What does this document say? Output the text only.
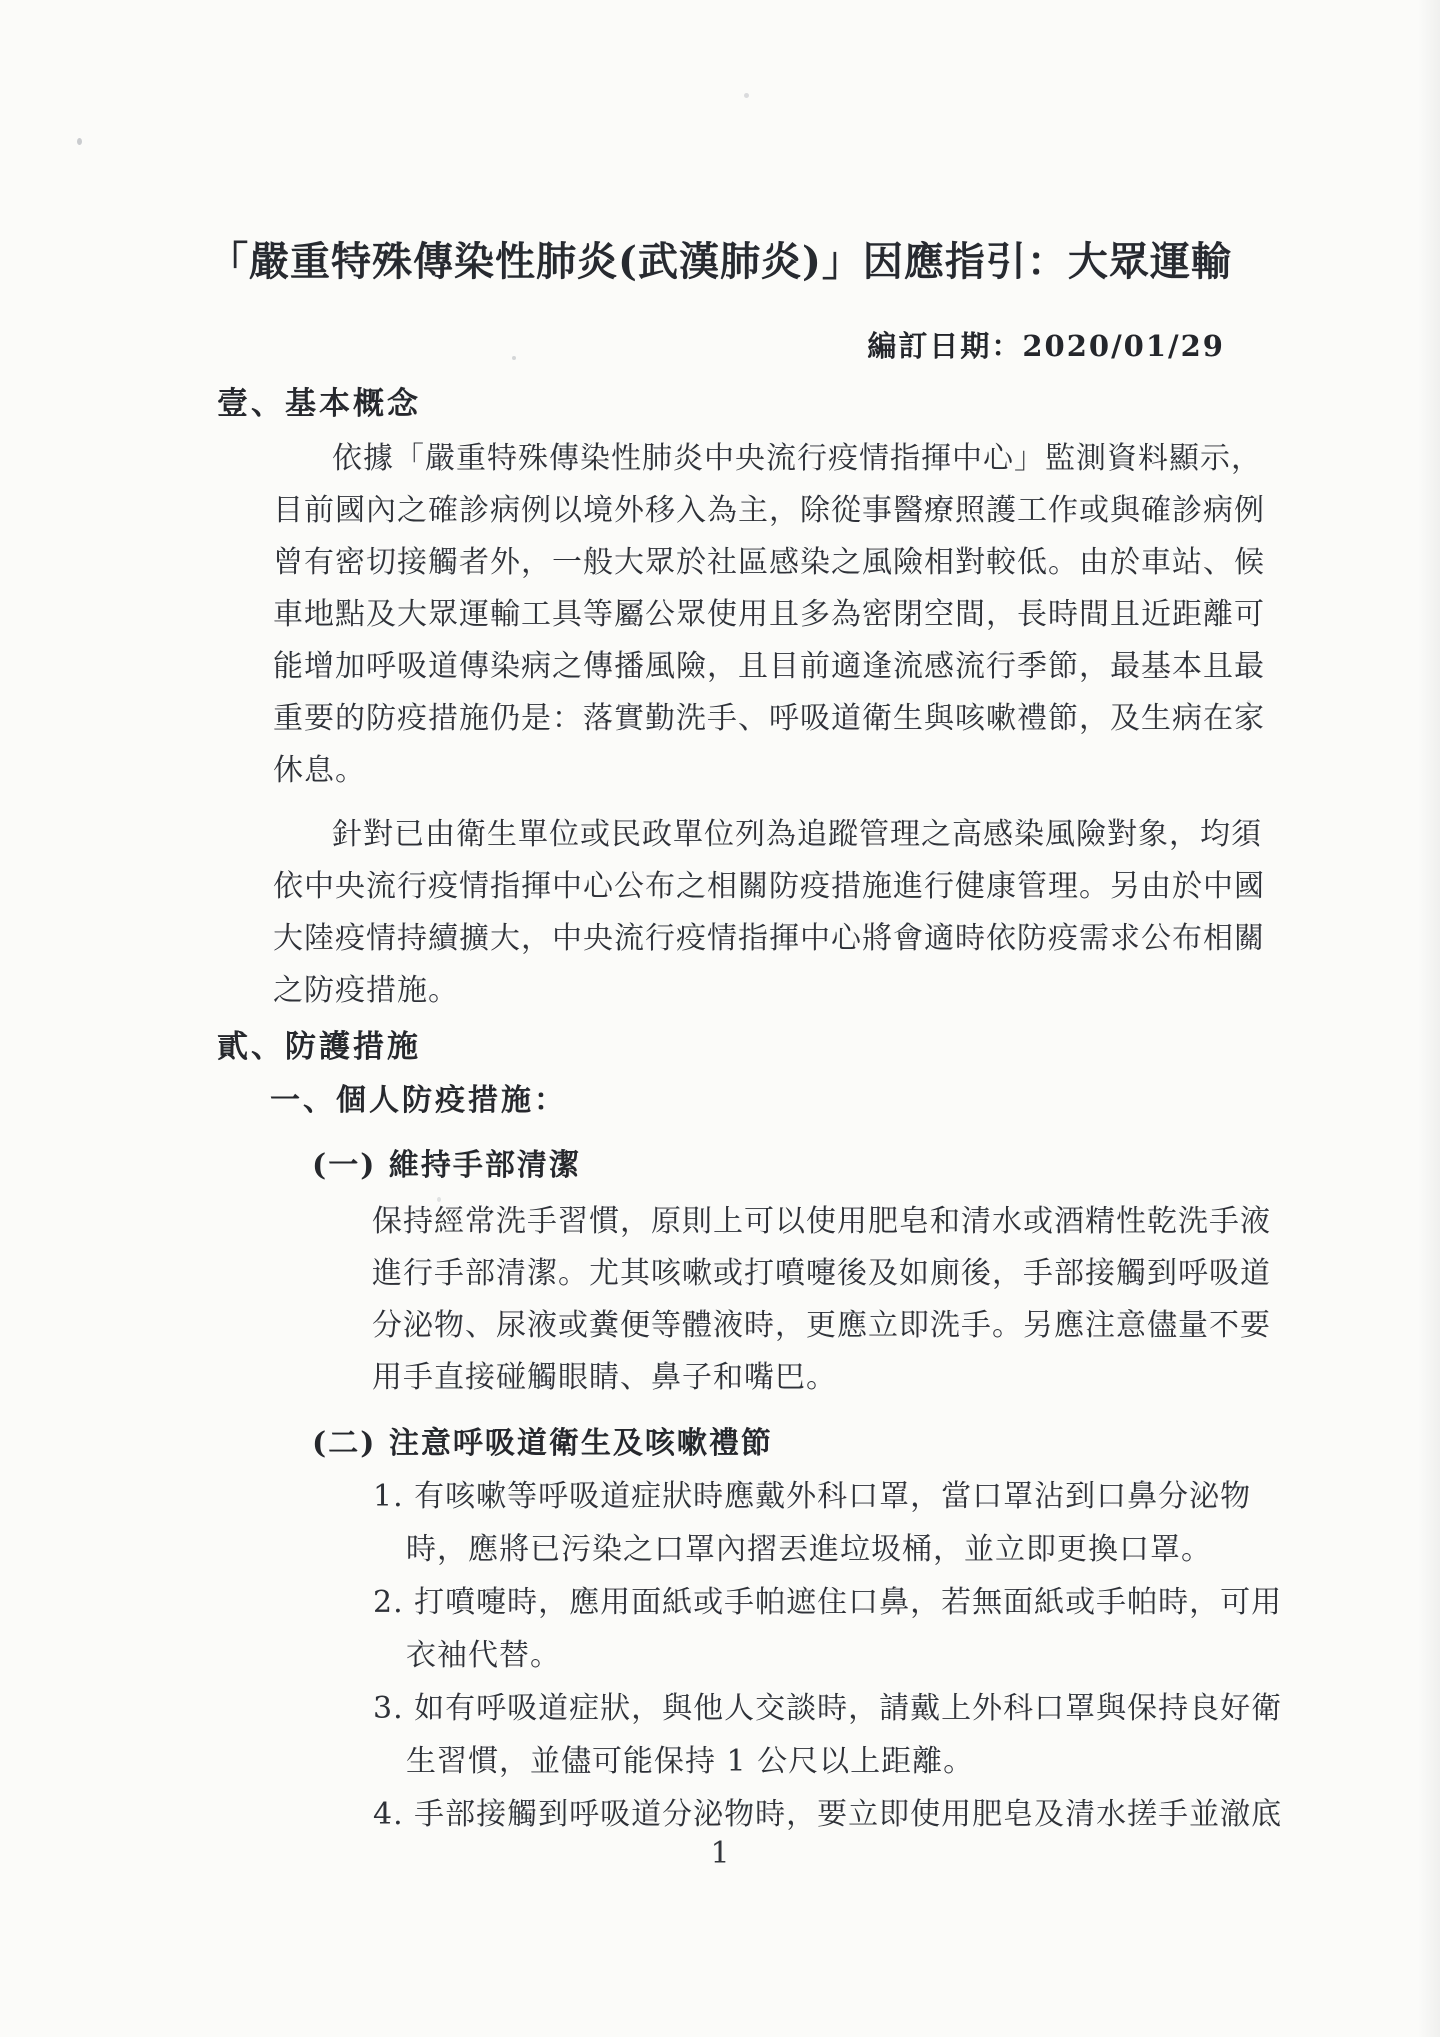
「嚴重特殊傳染性肺炎(武漢肺炎)」因應指引：大眾運輸
編訂日期：2020/01/29
壹、基本概念
依據「嚴重特殊傳染性肺炎中央流行疫情指揮中心」監測資料顯示，
目前國內之確診病例以境外移入為主，除從事醫療照護工作或與確診病例
曾有密切接觸者外，一般大眾於社區感染之風險相對較低。由於車站、候
車地點及大眾運輸工具等屬公眾使用且多為密閉空間，長時間且近距離可
能增加呼吸道傳染病之傳播風險，且目前適逢流感流行季節，最基本且最
重要的防疫措施仍是：落實勤洗手、呼吸道衛生與咳嗽禮節，及生病在家
休息。
針對已由衛生單位或民政單位列為追蹤管理之高感染風險對象，均須
依中央流行疫情指揮中心公布之相關防疫措施進行健康管理。另由於中國
大陸疫情持續擴大，中央流行疫情指揮中心將會適時依防疫需求公布相關
之防疫措施。
貳、防護措施
一、個人防疫措施：
(一) 維持手部清潔
保持經常洗手習慣，原則上可以使用肥皂和清水或酒精性乾洗手液
進行手部清潔。尤其咳嗽或打噴嚏後及如廁後，手部接觸到呼吸道
分泌物、尿液或糞便等體液時，更應立即洗手。另應注意儘量不要
用手直接碰觸眼睛、鼻子和嘴巴。
(二) 注意呼吸道衛生及咳嗽禮節
1. 有咳嗽等呼吸道症狀時應戴外科口罩，當口罩沾到口鼻分泌物
時，應將已污染之口罩內摺丟進垃圾桶，並立即更換口罩。
2. 打噴嚏時，應用面紙或手帕遮住口鼻，若無面紙或手帕時，可用
衣袖代替。
3. 如有呼吸道症狀，與他人交談時，請戴上外科口罩與保持良好衛
生習慣，並儘可能保持 1 公尺以上距離。
4. 手部接觸到呼吸道分泌物時，要立即使用肥皂及清水搓手並澈底
1
